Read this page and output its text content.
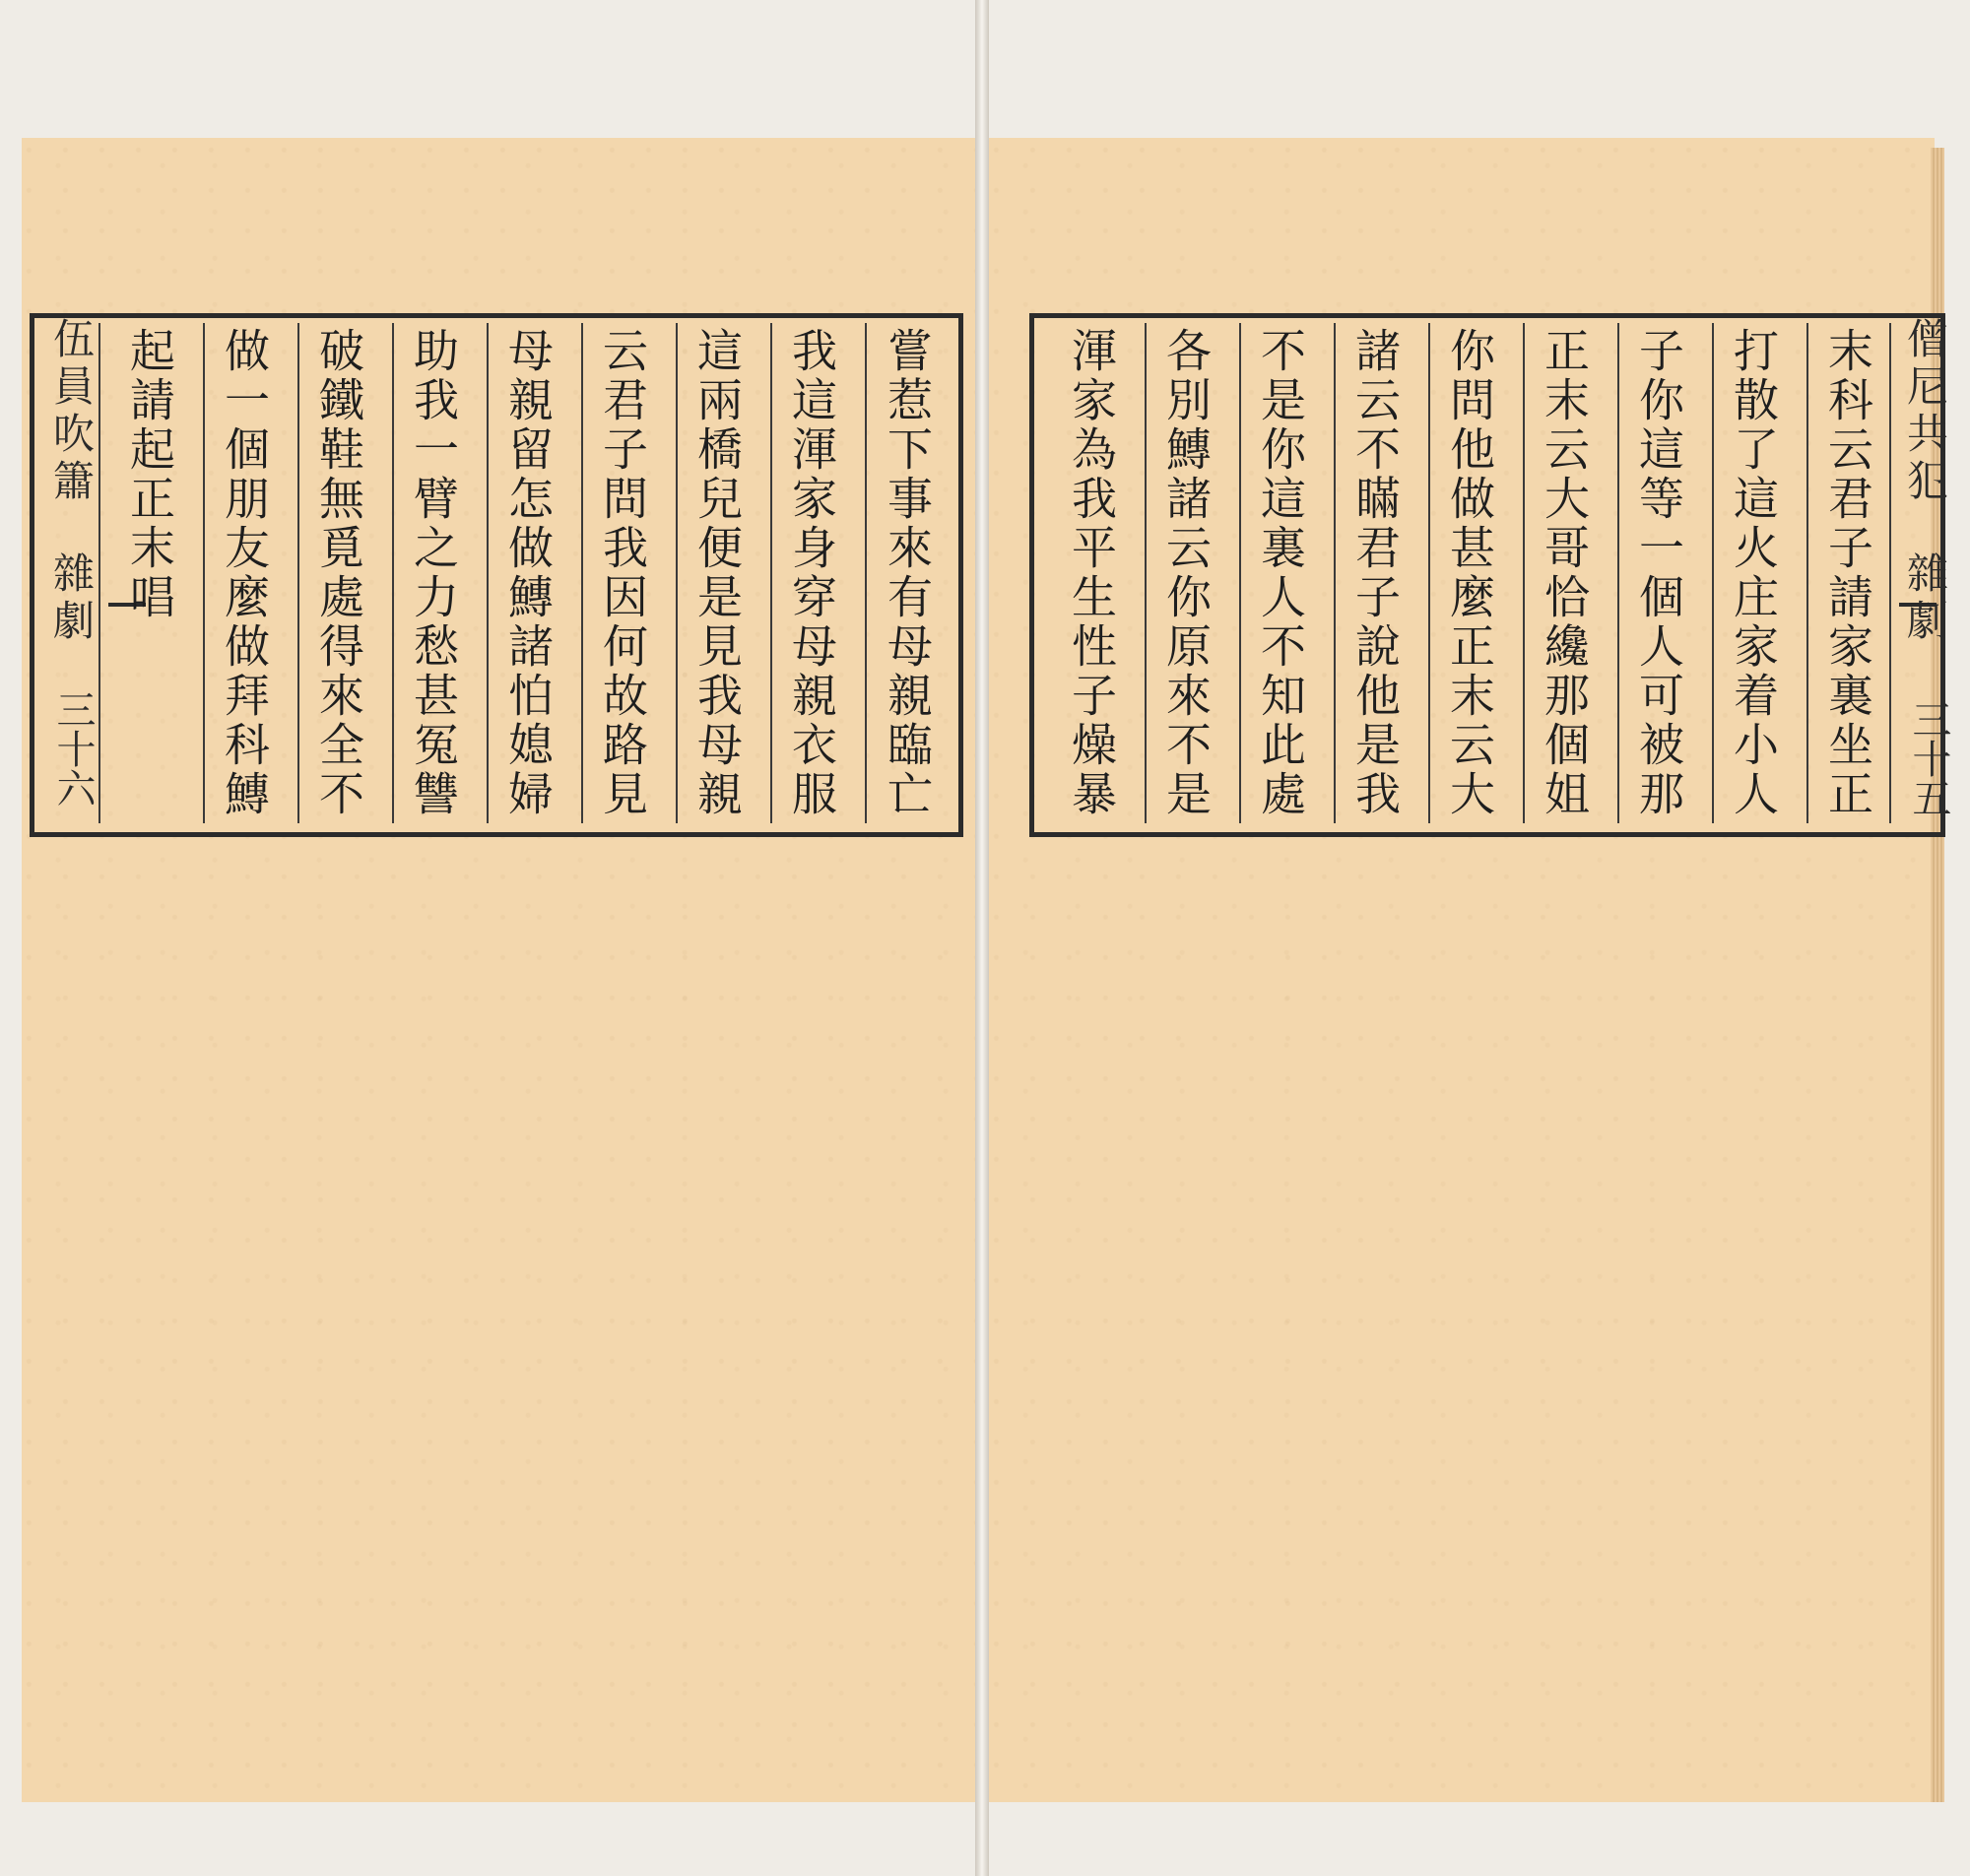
僧尼共犯
雜劇
三十五
末科云君子請家裏坐正
打散了這火庄家着小人
子你這等一個人可被那
正末云大哥恰纔那個姐
你問他做甚麼正末云大
諸云不瞞君子說他是我
不是你這裏人不知此處
各別鱄諸云你原來不是
渾家為我平生性子燥暴
嘗惹下事來有母親臨亡
我這渾家身穿母親衣服
這兩橋兒便是見我母親
云君子問我因何故路見
母親留怎做鱄諸怕媳婦
助我一臂之力愁甚冤讐
破鐵鞋無覓處得來全不
做一個朋友麼做拜科鱄
起請起正末唱
伍員吹簫
雜劇
三十六
